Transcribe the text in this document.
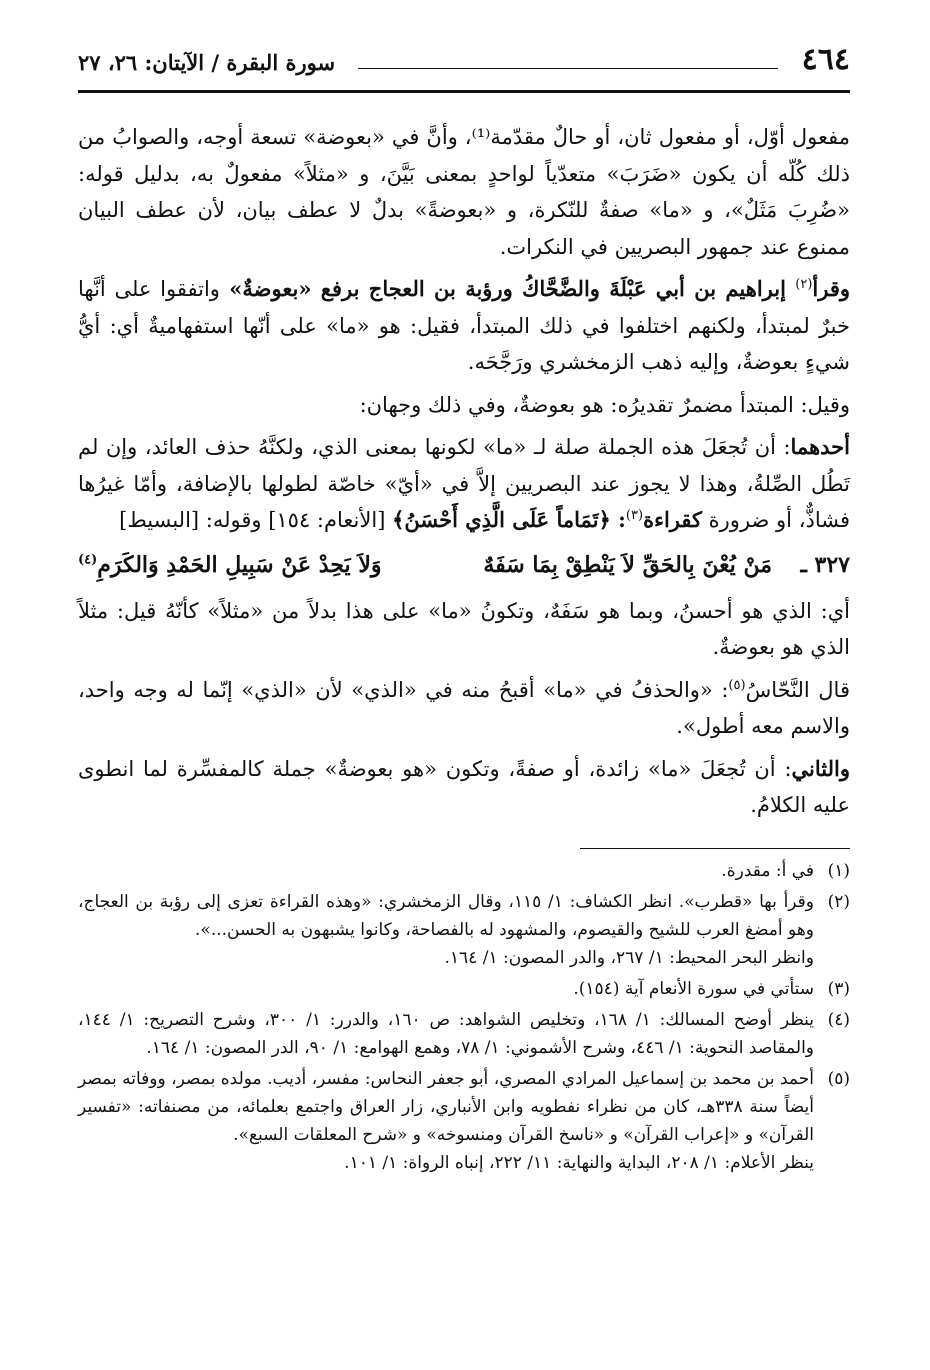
٤٦٤
سورة البقرة / الآيتان: ٢٦، ٢٧

مفعول أوّل، أو مفعول ثان، أو حالٌ مقدّمة⁽¹⁾، وأنَّ في «بعوضة» تسعة أوجه، والصوابُ من ذلك كُلّه أن يكون «ضَرَبَ» متعدّياً لواحدٍ بمعنى بَيَّنَ، و «مثلاً» مفعولٌ به، بدليل قوله: «ضُرِبَ مَثَلٌ»، و «ما» صفةٌ للنّكرة، و «بعوضةً» بدلٌ لا عطف بيان، لأن عطف البيان ممنوع عند جمهور البصريين في النكرات.

وقرأ$^{(٢)}$ إبراهيم بن أبي عَبْلَةَ والضَّحَّاكُ ورؤبة بن العجاج برفع «بعوضةٌ» واتفقوا على أنَّها خبرٌ لمبتدأ، ولكنهم اختلفوا في ذلك المبتدأ، فقيل: هو «ما» على أنّها استفهاميةٌ أي: أيُّ شيءٍ بعوضةٌ، وإليه ذهب الزمخشري ورَجَّحَه.

وقيل: المبتدأ مضمرٌ تقديرُه: هو بعوضةٌ، وفي ذلك وجهان:

أحدهما: أن تُجعَلَ هذه الجملة صلة لـ «ما» لكونها بمعنى الذي، ولكنَّهُ حذف العائد، وإن لم تَطُل الصِّلةُ، وهذا لا يجوز عند البصريين إلاَّ في «أيّ» خاصّة لطولها بالإضافة، وأمّا غيرُها فشاذٌّ، أو ضرورة كقراءة$^{(٣)}$: ﴿تَمَاماً عَلَى الَّذِي أَحْسَنُ﴾ [الأنعام: ١٥٤] وقوله: [البسيط]

٣٢٧ ـ
مَنْ يُعْنَ بِالحَقِّ لاَ يَنْطِقْ بِمَا سَفَهٌ
وَلاَ يَحِدْ عَنْ سَبِيلِ الحَمْدِ وَالكَرَمِ$^{(٤)}$

أي: الذي هو أحسنُ، وبما هو سَفَهٌ، وتكونُ «ما» على هذا بدلاً من «مثلاً» كأنّهُ قيل: مثلاً الذي هو بعوضةٌ.

قال النَّحّاسُ$^{(٥)}$: «والحذفُ في «ما» أقبحُ منه في «الذي» لأن «الذي» إنّما له وجه واحد، والاسم معه أطول».

والثاني: أن تُجعَلَ «ما» زائدة، أو صفةً، وتكون «هو بعوضةٌ» جملة كالمفسِّرة لما انطوى عليه الكلامُ.

(١)
في أ: مقدرة.
(٢)
وقرأ بها «قطرب». انظر الكشاف: ١/ ١١٥، وقال الزمخشري: «وهذه القراءة تعزى إلى رؤبة بن العجاج، وهو أمضغ العرب للشيح والقيصوم، والمشهود له بالفصاحة، وكانوا يشبهون به الحسن...».
وانظر البحر المحيط: ١/ ٢٦٧، والدر المصون: ١/ ١٦٤.
(٣)
ستأتي في سورة الأنعام آية (١٥٤).
(٤)
ينظر أوضح المسالك: ١/ ١٦٨، وتخليص الشواهد: ص ١٦٠، والدرر: ١/ ٣٠٠، وشرح التصريح: ١/ ١٤٤، والمقاصد النحوية: ١/ ٤٤٦، وشرح الأشموني: ١/ ٧٨، وهمع الهوامع: ١/ ٩٠، الدر المصون: ١/ ١٦٤.
(٥)
أحمد بن محمد بن إسماعيل المرادي المصري، أبو جعفر النحاس: مفسر، أديب. مولده بمصر، ووفاته بمصر أيضاً سنة ٣٣٨هـ، كان من نظراء نفطويه وابن الأنباري، زار العراق واجتمع بعلمائه، من مصنفاته: «تفسير القرآن» و «إعراب القرآن» و «ناسخ القرآن ومنسوخه» و «شرح المعلقات السبع».
ينظر الأعلام: ١/ ٢٠٨، البداية والنهاية: ١١/ ٢٢٢، إنباه الرواة: ١/ ١٠١.
